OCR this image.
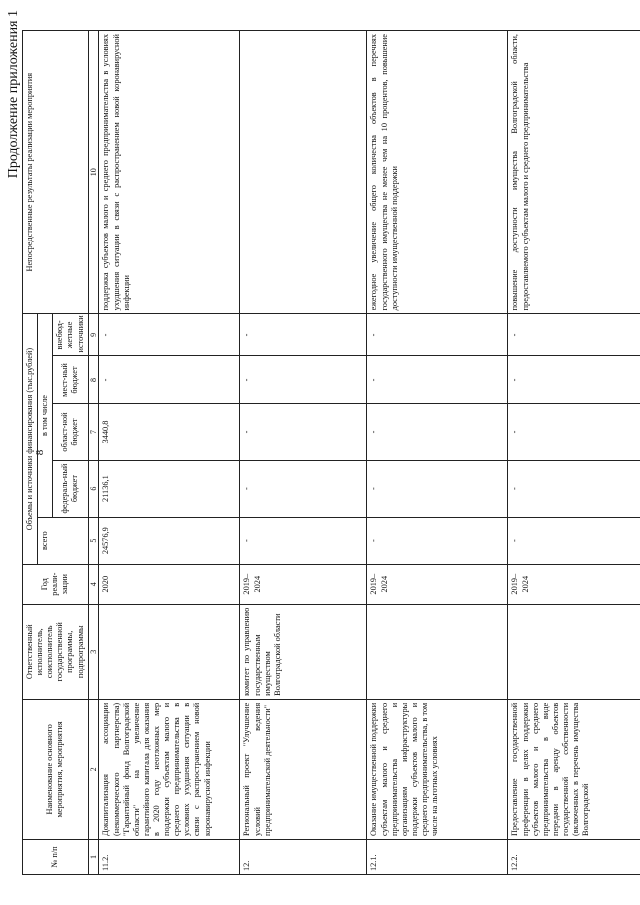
8
Продолжение приложения 1
№ п/п	Наименование основного мероприятия, мероприятия	Ответственный исполнитель, соисполнитель государственной программы, подпрограммы	Год реали-зации	Объемы и источники финансирования (тыс.рублей)					Непосредственные результаты реализации мероприятия
				всего	в том числе				
					федераль-ный бюджет	област-ной бюджет	мест-ный бюджет	внебюд-жетные источники	
1	2	3	4	5	6	7	8	9	10
11.2.	Докапитализация ассоциации (некоммерческого партнерства) "Гарантийный фонд Волгоградской области" на увеличение гарантийного капитала для оказания в 2020 году неотложных мер поддержки субъектам малого и среднего предпринимательства в условиях ухудшения ситуации в связи с распространением новой коронавирусной инфекции		2020	24576,9	21136,1	3440,8	-	-	поддержка субъектов малого и среднего предпринимательства в условиях ухудшения ситуации в связи с распространением новой коронавирусной инфекции
12.	Региональный проект "Улучшение условий ведения предпринимательской деятельности"	комитет по управлению государственным имуществом Волгоградской области	2019–2024	-	-	-	-	-	
12.1.	Оказание имущественной поддержки субъектам малого и среднего предпринимательства и организациям инфраструктуры поддержки субъектов малого и среднего предпринимательства, в том числе на льготных условиях		2019–2024	-	-	-	-	-	ежегодное увеличение общего количества объектов в перечнях государственного имущества не менее чем на 10 процентов, повышение доступности имущественной поддержки
12.2.	Предоставление государственной преференции в целях поддержки субъектов малого и среднего предпринимательства в виде передачи в аренду объектов государственной собственности (включенных в перечень имущества Волгоградской		2019–2024	-	-	-	-	-	повышение доступности имущества Волгоградской области, предоставляемого субъектам малого и среднего предпринимательства
